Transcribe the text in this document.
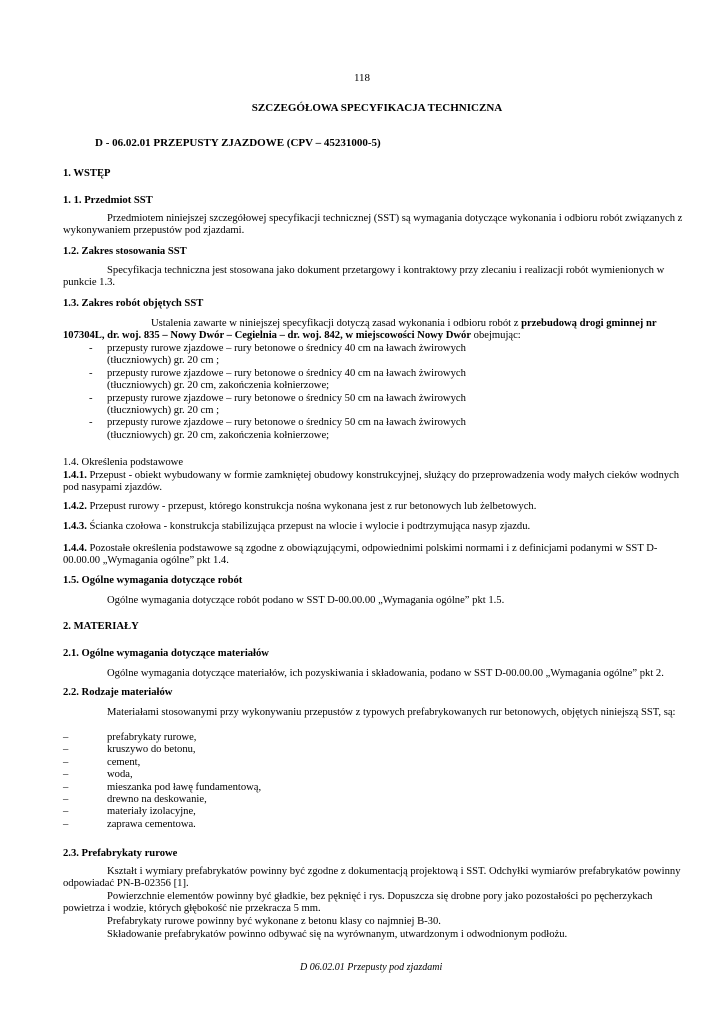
118
SZCZEGÓŁOWA SPECYFIKACJA TECHNICZNA
D - 06.02.01 PRZEPUSTY ZJAZDOWE (CPV – 45231000-5)
1. WSTĘP
1. 1. Przedmiot SST
Przedmiotem niniejszej szczegółowej specyfikacji technicznej (SST) są wymagania dotyczące wykonania i odbioru robót związanych z wykonywaniem przepustów pod zjazdami.
1.2. Zakres stosowania SST
Specyfikacja techniczna jest stosowana jako dokument przetargowy i kontraktowy przy zlecaniu i realizacji robót wymienionych w punkcie 1.3.
1.3. Zakres robót objętych SST
Ustalenia zawarte w niniejszej specyfikacji dotyczą zasad wykonania i odbioru robót z przebudową drogi gminnej nr 107304L, dr. woj. 835 – Nowy Dwór – Cegielnia – dr. woj. 842, w miejscowości Nowy Dwór obejmując:
- przepusty rurowe zjazdowe – rury betonowe o średnicy 40 cm na ławach żwirowych (tłuczniowych) gr. 20 cm ;
- przepusty rurowe zjazdowe – rury betonowe o średnicy 40 cm na ławach żwirowych (tłuczniowych) gr. 20 cm, zakończenia kołnierzowe;
- przepusty rurowe zjazdowe – rury betonowe o średnicy 50 cm na ławach żwirowych (tłuczniowych) gr. 20 cm ;
- przepusty rurowe zjazdowe – rury betonowe o średnicy 50 cm na ławach żwirowych (tłuczniowych) gr. 20 cm, zakończenia kołnierzowe;
1.4. Określenia podstawowe
1.4.1. Przepust - obiekt wybudowany w formie zamkniętej obudowy konstrukcyjnej, służący do przeprowadzenia wody małych cieków wodnych pod nasypami zjazdów.
1.4.2. Przepust rurowy - przepust, którego konstrukcja nośna wykonana jest z rur betonowych lub żelbetowych.
1.4.3. Ścianka czołowa - konstrukcja stabilizująca przepust na wlocie i wylocie i podtrzymująca nasyp zjazdu.
1.4.4. Pozostałe określenia podstawowe są zgodne z obowiązującymi, odpowiednimi polskimi normami i z definicjami podanymi w SST D-00.00.00 „Wymagania ogólne” pkt 1.4.
1.5. Ogólne wymagania dotyczące robót
Ogólne wymagania dotyczące robót podano w SST D-00.00.00 „Wymagania ogólne” pkt 1.5.
2. MATERIAŁY
2.1. Ogólne wymagania dotyczące materiałów
Ogólne wymagania dotyczące materiałów, ich pozyskiwania i składowania, podano w SST D-00.00.00 „Wymagania ogólne” pkt 2.
2.2. Rodzaje materiałów
Materiałami stosowanymi przy wykonywaniu przepustów z typowych prefabrykowanych rur betonowych, objętych niniejszą SST, są:
–	prefabrykaty rurowe,
–	kruszywo do betonu,
–	cement,
–	woda,
–	mieszanka pod ławę fundamentową,
–	drewno na deskowanie,
–	materiały izolacyjne,
–	zaprawa cementowa.
2.3. Prefabrykaty rurowe
Kształt i wymiary prefabrykatów powinny być zgodne z dokumentacją projektową i SST. Odchyłki wymiarów prefabrykatów powinny odpowiadać PN-B-02356 [1].
Powierzchnie elementów powinny być gładkie, bez pęknięć i rys. Dopuszcza się drobne pory jako pozostałości po pęcherzykach powietrza i wodzie, których głębokość nie przekracza 5 mm.
Prefabrykaty rurowe powinny być wykonane z betonu klasy co najmniej B-30.
Składowanie prefabrykatów powinno odbywać się na wyrównanym, utwardzonym i odwodnionym podłożu.
D 06.02.01 Przepusty pod zjazdami
